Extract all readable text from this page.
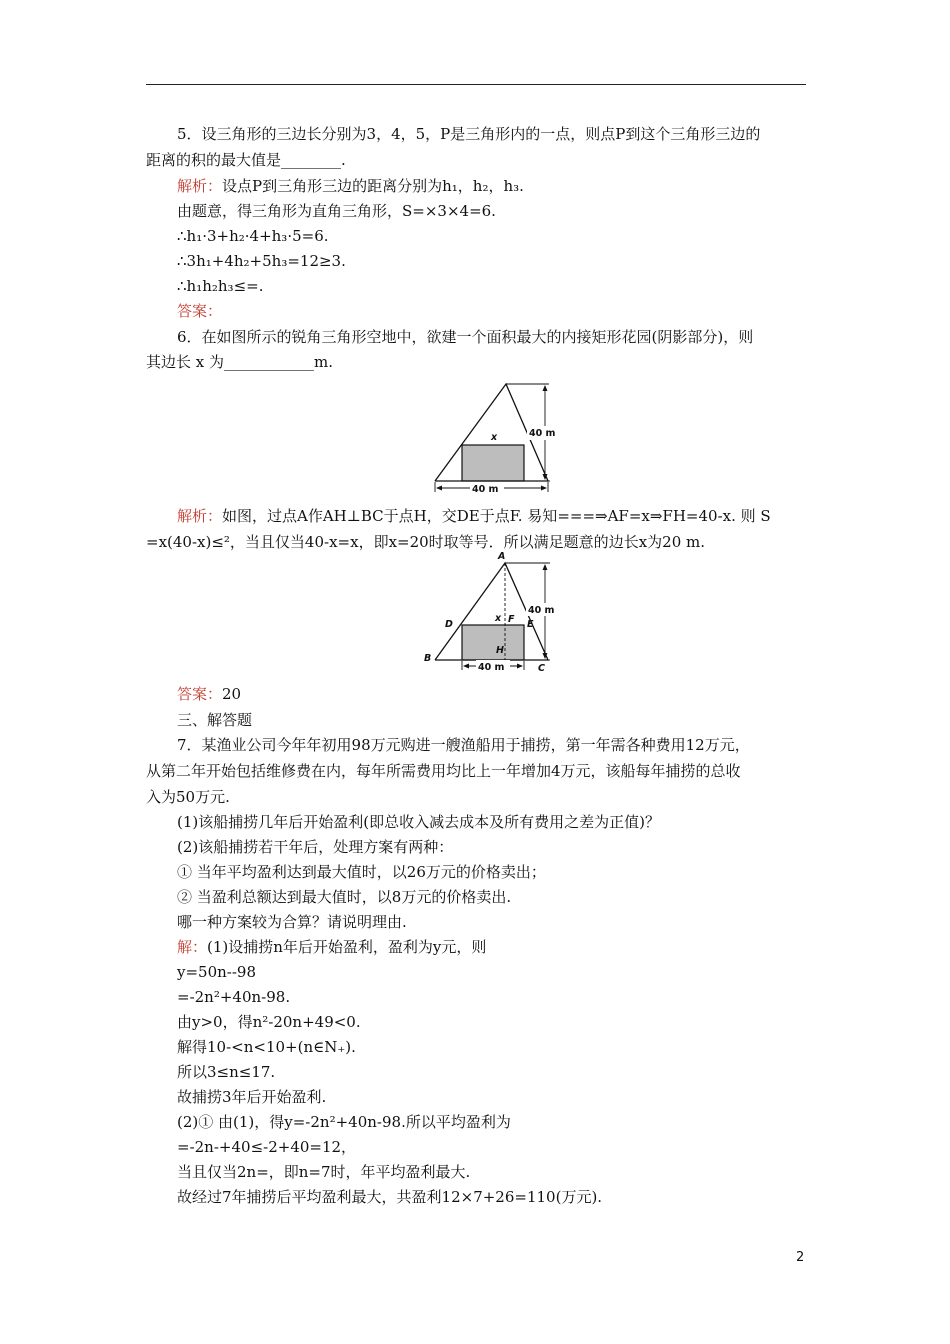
5．设三角形的三边长分别为3，4，5，P是三角形内的一点，则点P到这个三角形三边的
距离的积的最大值是________.
解析：设点P到三角形三边的距离分别为h₁，h₂，h₃.
由题意，得三角形为直角三角形，S=×3×4=6.
∴h₁·3+h₂·4+h₃·5=6.
∴3h₁+4h₂+5h₃=12≥3.
∴h₁h₂h₃≤=.
答案：
6．在如图所示的锐角三角形空地中，欲建一个面积最大的内接矩形花园(阴影部分)，则
其边长 x 为____________m.
40 m
x
40 m
解析：如图，过点A作AH⊥BC于点H，交DE于点F. 易知===⇒AF=x⇒FH=40-x. 则 S
=x(40-x)≤²，当且仅当40-x=x，即x=20时取等号．所以满足题意的边长x为20 m.
40 m
A
B
C
D	E
F
H
x
40 m
答案：20
三、解答题
7．某渔业公司今年年初用98万元购进一艘渔船用于捕捞，第一年需各种费用12万元，
从第二年开始包括维修费在内，每年所需费用均比上一年增加4万元，该船每年捕捞的总收
入为50万元.
(1)该船捕捞几年后开始盈利(即总收入减去成本及所有费用之差为正值)？
(2)该船捕捞若干年后，处理方案有两种：
① 当年平均盈利达到最大值时，以26万元的价格卖出；
② 当盈利总额达到最大值时，以8万元的价格卖出.
哪一种方案较为合算？请说明理由.
解：(1)设捕捞n年后开始盈利，盈利为y元，则
y=50n--98
=-2n²+40n-98.
由y>0，得n²-20n+49<0.
解得10-<n<10+(n∈N₊).
所以3≤n≤17.
故捕捞3年后开始盈利.
(2)① 由(1)，得y=-2n²+40n-98.所以平均盈利为
=-2n-+40≤-2+40=12，
当且仅当2n=，即n=7时，年平均盈利最大.
故经过7年捕捞后平均盈利最大，共盈利12×7+26=110(万元).
2
